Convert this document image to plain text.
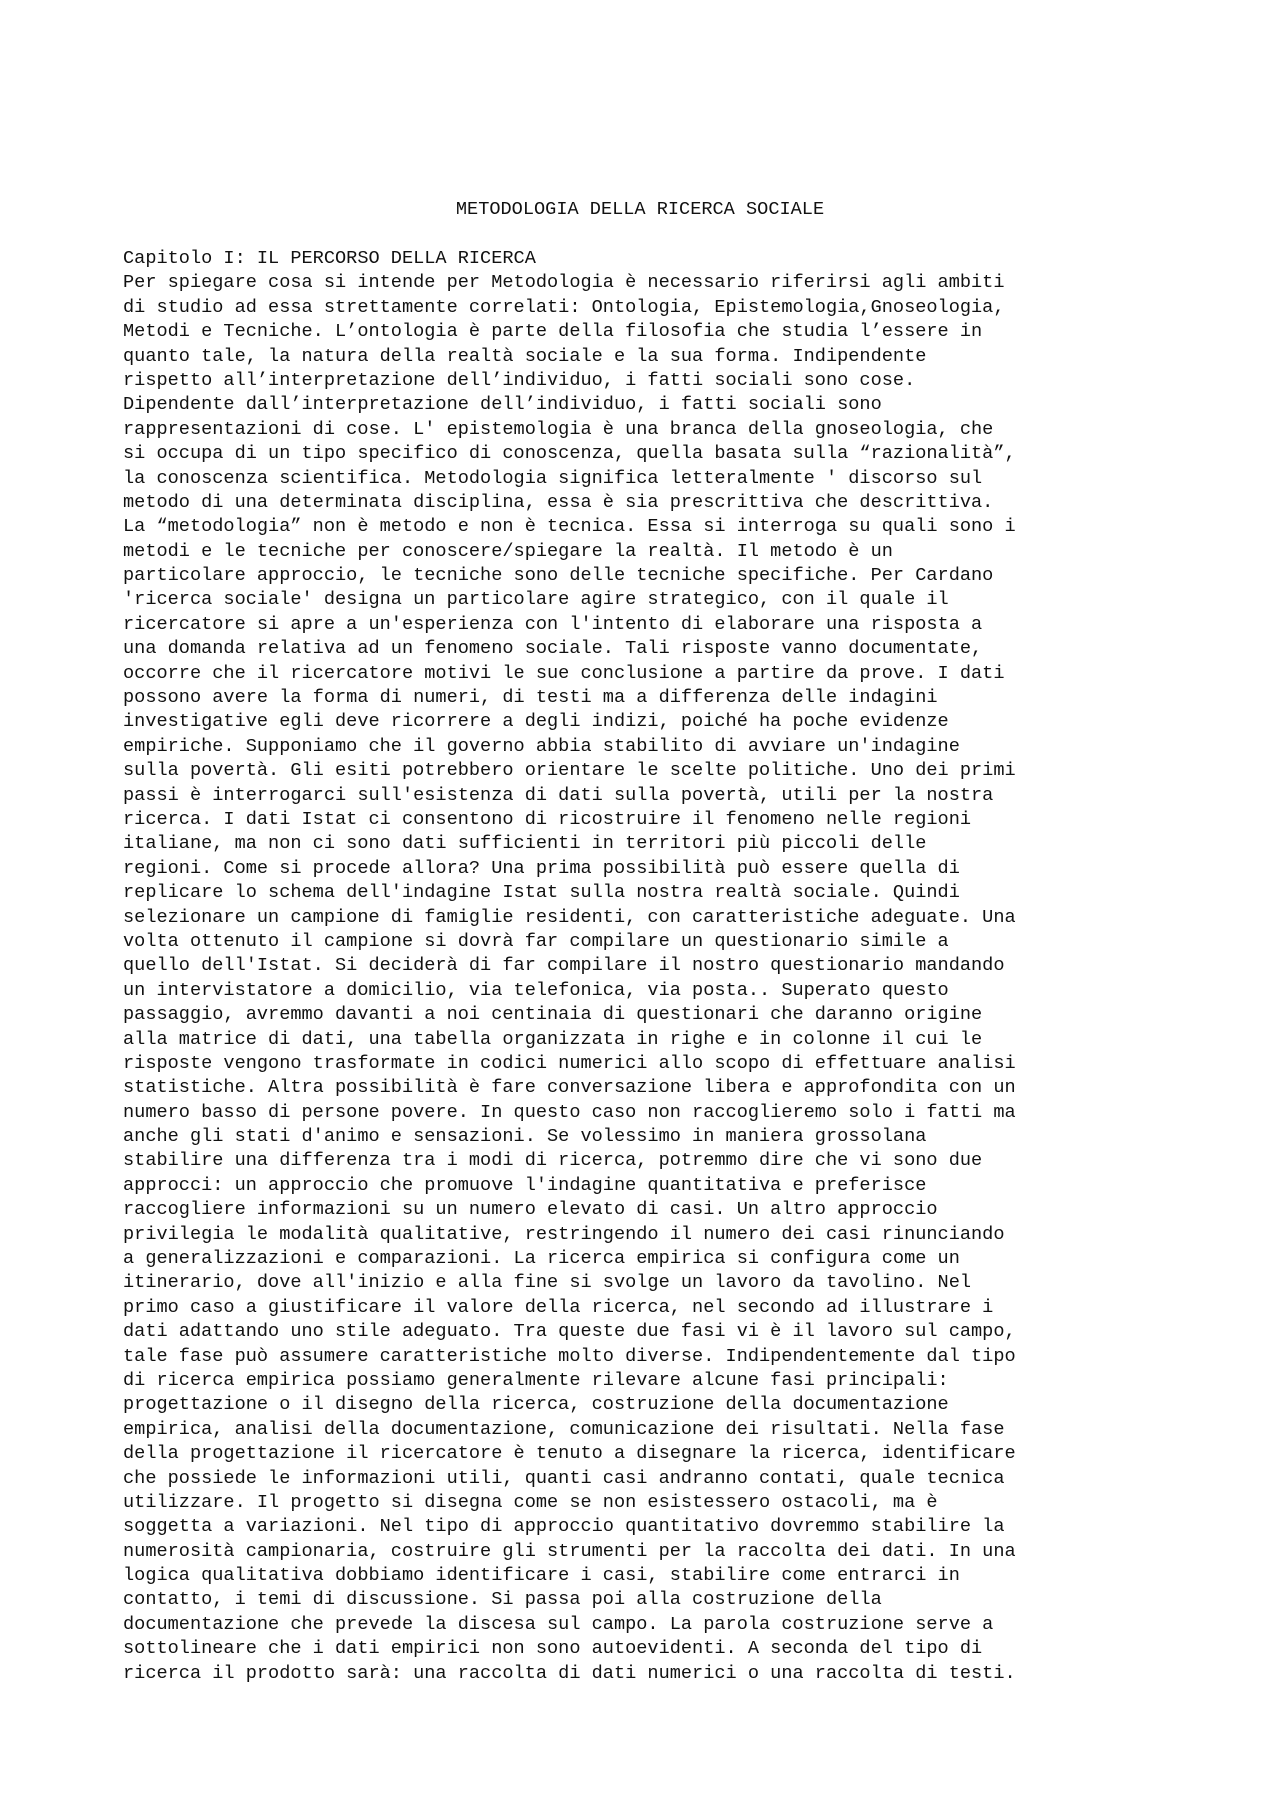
METODOLOGIA DELLA RICERCA SOCIALE
Capitolo I: IL PERCORSO DELLA RICERCA
Per spiegare cosa si intende per Metodologia è necessario riferirsi agli ambiti
di studio ad essa strettamente correlati: Ontologia, Epistemologia,Gnoseologia,
Metodi e Tecniche. L’ontologia è parte della filosofia che studia l’essere in
quanto tale, la natura della realtà sociale e la sua forma. Indipendente
rispetto all’interpretazione dell’individuo, i fatti sociali sono cose.
Dipendente dall’interpretazione dell’individuo, i fatti sociali sono
rappresentazioni di cose. L' epistemologia è una branca della gnoseologia, che
si occupa di un tipo specifico di conoscenza, quella basata sulla “razionalità”,
la conoscenza scientifica. Metodologia significa letteralmente ' discorso sul
metodo di una determinata disciplina, essa è sia prescrittiva che descrittiva.
La “metodologia” non è metodo e non è tecnica. Essa si interroga su quali sono i
metodi e le tecniche per conoscere/spiegare la realtà. Il metodo è un
particolare approccio, le tecniche sono delle tecniche specifiche. Per Cardano
'ricerca sociale' designa un particolare agire strategico, con il quale il
ricercatore si apre a un'esperienza con l'intento di elaborare una risposta a
una domanda relativa ad un fenomeno sociale. Tali risposte vanno documentate,
occorre che il ricercatore motivi le sue conclusione a partire da prove. I dati
possono avere la forma di numeri, di testi ma a differenza delle indagini
investigative egli deve ricorrere a degli indizi, poiché ha poche evidenze
empiriche. Supponiamo che il governo abbia stabilito di avviare un'indagine
sulla povertà. Gli esiti potrebbero orientare le scelte politiche. Uno dei primi
passi è interrogarci sull'esistenza di dati sulla povertà, utili per la nostra
ricerca. I dati Istat ci consentono di ricostruire il fenomeno nelle regioni
italiane, ma non ci sono dati sufficienti in territori più piccoli delle
regioni. Come si procede allora? Una prima possibilità può essere quella di
replicare lo schema dell'indagine Istat sulla nostra realtà sociale. Quindi
selezionare un campione di famiglie residenti, con caratteristiche adeguate. Una
volta ottenuto il campione si dovrà far compilare un questionario simile a
quello dell'Istat. Si deciderà di far compilare il nostro questionario mandando
un intervistatore a domicilio, via telefonica, via posta.. Superato questo
passaggio, avremmo davanti a noi centinaia di questionari che daranno origine
alla matrice di dati, una tabella organizzata in righe e in colonne il cui le
risposte vengono trasformate in codici numerici allo scopo di effettuare analisi
statistiche. Altra possibilità è fare conversazione libera e approfondita con un
numero basso di persone povere. In questo caso non raccoglieremo solo i fatti ma
anche gli stati d'animo e sensazioni. Se volessimo in maniera grossolana
stabilire una differenza tra i modi di ricerca, potremmo dire che vi sono due
approcci: un approccio che promuove l'indagine quantitativa e preferisce
raccogliere informazioni su un numero elevato di casi. Un altro approccio
privilegia le modalità qualitative, restringendo il numero dei casi rinunciando
a generalizzazioni e comparazioni. La ricerca empirica si configura come un
itinerario, dove all'inizio e alla fine si svolge un lavoro da tavolino. Nel
primo caso a giustificare il valore della ricerca, nel secondo ad illustrare i
dati adattando uno stile adeguato. Tra queste due fasi vi è il lavoro sul campo,
tale fase può assumere caratteristiche molto diverse. Indipendentemente dal tipo
di ricerca empirica possiamo generalmente rilevare alcune fasi principali:
progettazione o il disegno della ricerca, costruzione della documentazione
empirica, analisi della documentazione, comunicazione dei risultati. Nella fase
della progettazione il ricercatore è tenuto a disegnare la ricerca, identificare
che possiede le informazioni utili, quanti casi andranno contati, quale tecnica
utilizzare. Il progetto si disegna come se non esistessero ostacoli, ma è
soggetta a variazioni. Nel tipo di approccio quantitativo dovremmo stabilire la
numerosità campionaria, costruire gli strumenti per la raccolta dei dati. In una
logica qualitativa dobbiamo identificare i casi, stabilire come entrarci in
contatto, i temi di discussione. Si passa poi alla costruzione della
documentazione che prevede la discesa sul campo. La parola costruzione serve a
sottolineare che i dati empirici non sono autoevidenti. A seconda del tipo di
ricerca il prodotto sarà: una raccolta di dati numerici o una raccolta di testi.
